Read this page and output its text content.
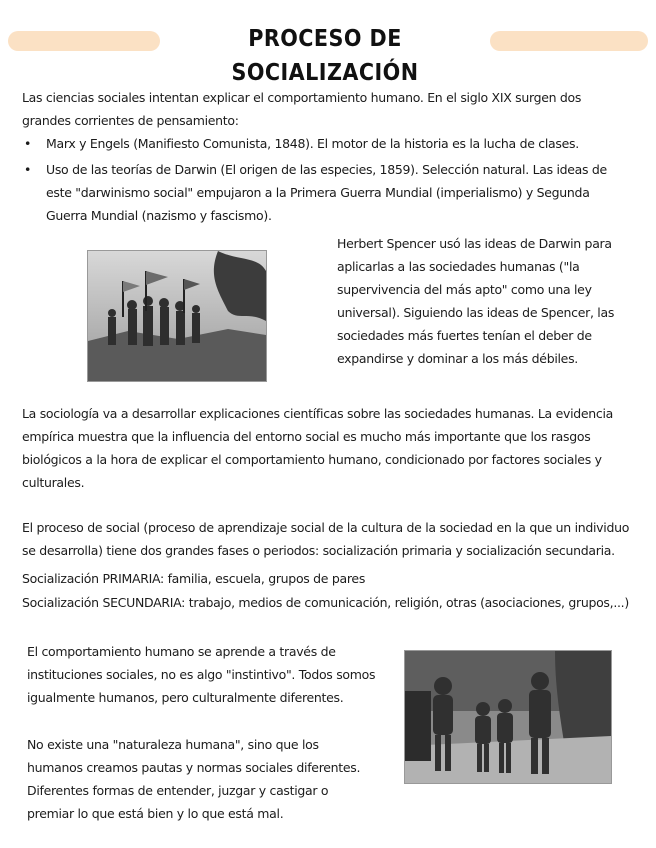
PROCESO DE SOCIALIZACIÓN
Las ciencias sociales intentan explicar el comportamiento humano. En el siglo XIX surgen dos grandes corrientes de pensamiento:
• Marx y Engels (Manifiesto Comunista, 1848). El motor de la historia es la lucha de clases.
• Uso de las teorías de Darwin (El origen de las especies, 1859). Selección natural. Las ideas de este "darwinismo social" empujaron a la Primera Guerra Mundial (imperialismo) y Segunda Guerra Mundial (nazismo y fascismo).
Herbert Spencer usó las ideas de Darwin para aplicarlas a las sociedades humanas ("la supervivencia del más apto" como una ley universal). Siguiendo las ideas de Spencer, las sociedades más fuertes tenían el deber de expandirse y dominar a los más débiles.
La sociología va a desarrollar explicaciones científicas sobre las sociedades humanas. La evidencia empírica muestra que la influencia del entorno social es mucho más importante que los rasgos biológicos a la hora de explicar el comportamiento humano, condicionado por factores sociales y culturales.
El proceso de social (proceso de aprendizaje social de la cultura de la sociedad en la que un individuo se desarrolla) tiene dos grandes fases o periodos: socialización primaria y socialización secundaria.
Socialización PRIMARIA: familia, escuela, grupos de pares
Socialización SECUNDARIA: trabajo, medios de comunicación, religión, otras (asociaciones, grupos,...)
El comportamiento humano se aprende a través de instituciones sociales, no es algo "instintivo". Todos somos igualmente humanos, pero culturalmente diferentes.
No existe una "naturaleza humana", sino que los humanos creamos pautas y normas sociales diferentes. Diferentes formas de entender, juzgar y castigar o premiar lo que está bien y lo que está mal.
